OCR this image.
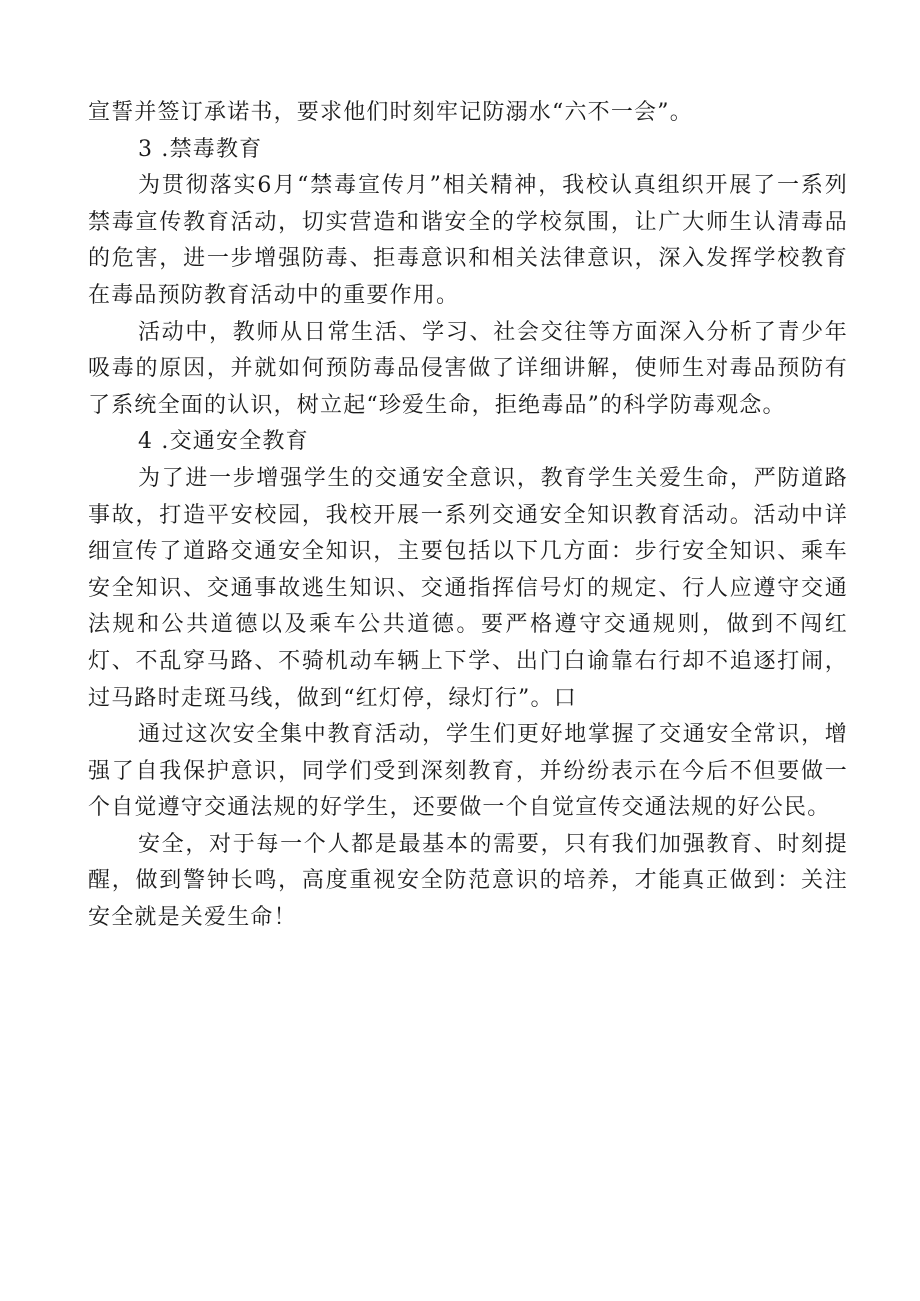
宣誓并签订承诺书，要求他们时刻牢记防溺水“六不一会”。

3 .禁毒教育

为贯彻落实6月“禁毒宣传月”相关精神，我校认真组织开展了一系列禁毒宣传教育活动，切实营造和谐安全的学校氛围，让广大师生认清毒品的危害，进一步增强防毒、拒毒意识和相关法律意识，深入发挥学校教育在毒品预防教育活动中的重要作用。

活动中，教师从日常生活、学习、社会交往等方面深入分析了青少年吸毒的原因，并就如何预防毒品侵害做了详细讲解，使师生对毒品预防有了系统全面的认识，树立起“珍爱生命，拒绝毒品”的科学防毒观念。

4 .交通安全教育

为了进一步增强学生的交通安全意识，教育学生关爱生命，严防道路事故，打造平安校园，我校开展一系列交通安全知识教育活动。活动中详细宣传了道路交通安全知识，主要包括以下几方面：步行安全知识、乘车安全知识、交通事故逃生知识、交通指挥信号灯的规定、行人应遵守交通法规和公共道德以及乘车公共道德。要严格遵守交通规则，做到不闯红灯、不乱穿马路、不骑机动车辆上下学、出门白谕靠右行却不追逐打闹，过马路时走斑马线，做到“红灯停，绿灯行”。口

通过这次安全集中教育活动，学生们更好地掌握了交通安全常识，增强了自我保护意识，同学们受到深刻教育，并纷纷表示在今后不但要做一个自觉遵守交通法规的好学生，还要做一个自觉宣传交通法规的好公民。

安全，对于每一个人都是最基本的需要，只有我们加强教育、时刻提醒，做到警钟长鸣，高度重视安全防范意识的培养，才能真正做到：关注安全就是关爱生命！
